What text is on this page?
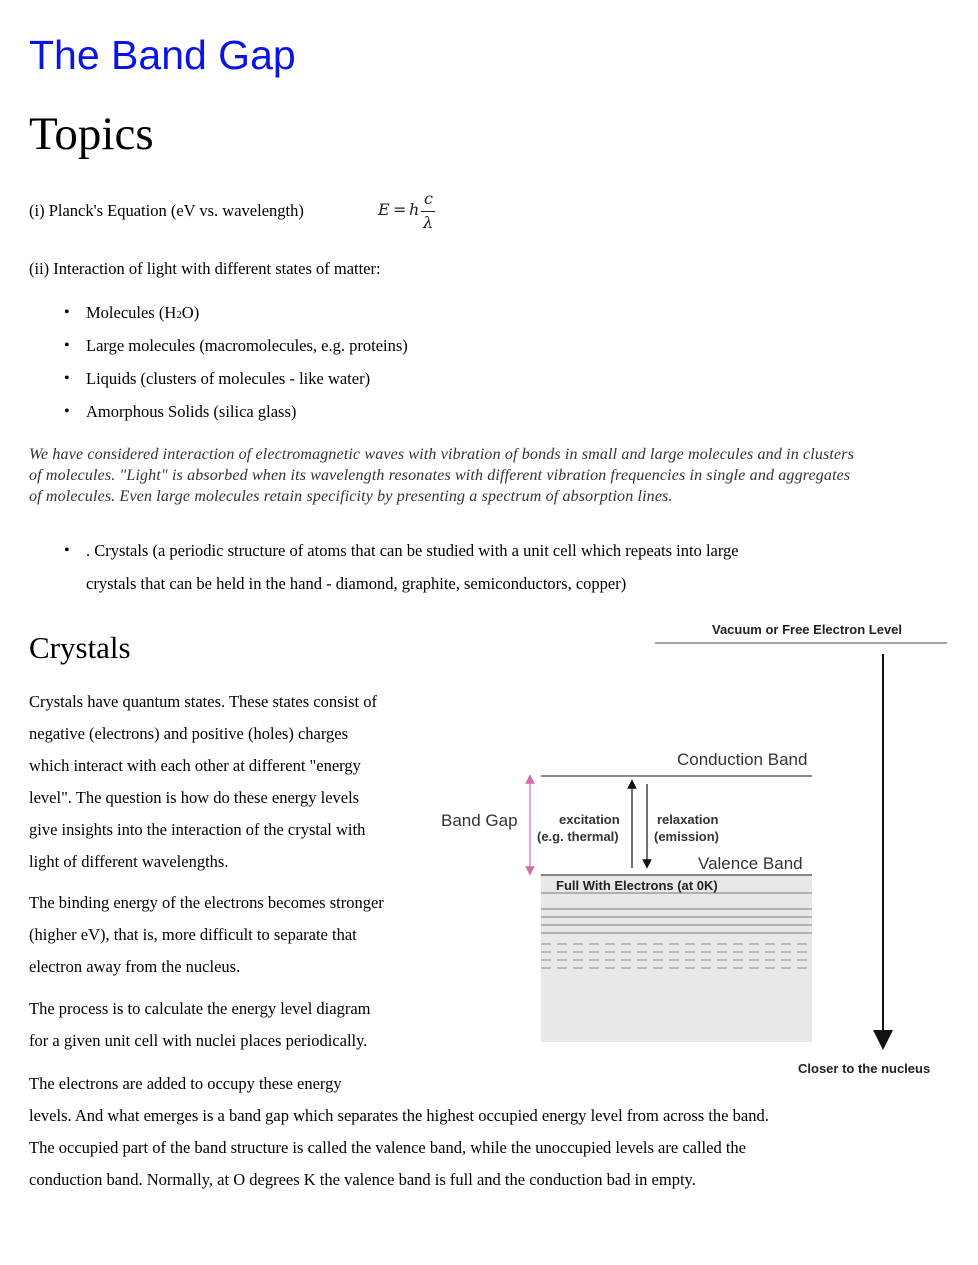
The Band Gap
Topics
(i) Planck's Equation (eV vs. wavelength)	E = h
c
λ
(ii) Interaction of light with different states of matter:
• Molecules (H2O)
• Large molecules (macromolecules, e.g. proteins)
• Liquids (clusters of molecules - like water)
• Amorphous Solids (silica glass)

We have considered interaction of electromagnetic waves with vibration of bonds in small and large molecules and in clusters of molecules. "Light" is absorbed when its wavelength resonates with different vibration frequencies in single and aggregates of molecules. Even large molecules retain specificity by presenting a spectrum of absorption lines.

• . Crystals (a periodic structure of atoms that can be studied with a unit cell which repeats into large
crystals that can be held in the hand - diamond, graphite, semiconductors, copper)
Crystals
Crystals have quantum states. These states consist of
negative (electrons) and positive (holes) charges
which interact with each other at different "energy
level". The question is how do these energy levels
give insights into the interaction of the crystal with
light of different wavelengths.
The binding energy of the electrons becomes stronger
(higher eV), that is, more difficult to separate that
electron away from the nucleus.
The process is to calculate the energy level diagram
for a given unit cell with nuclei places periodically.
The electrons are added to occupy these energy
levels. And what emerges is a band gap which separates the highest occupied energy level from across the band.
The occupied part of the band structure is called the valence band, while the unoccupied levels are called the
conduction band. Normally, at O degrees K the valence band is full and the conduction bad in empty.
Vacuum or Free Electron Level
Closer to the nucleus
Conduction Band
Band Gap	excitation
(e.g. thermal)
relaxation
(emission)
Valence Band
Full With Electrons (at 0K)
